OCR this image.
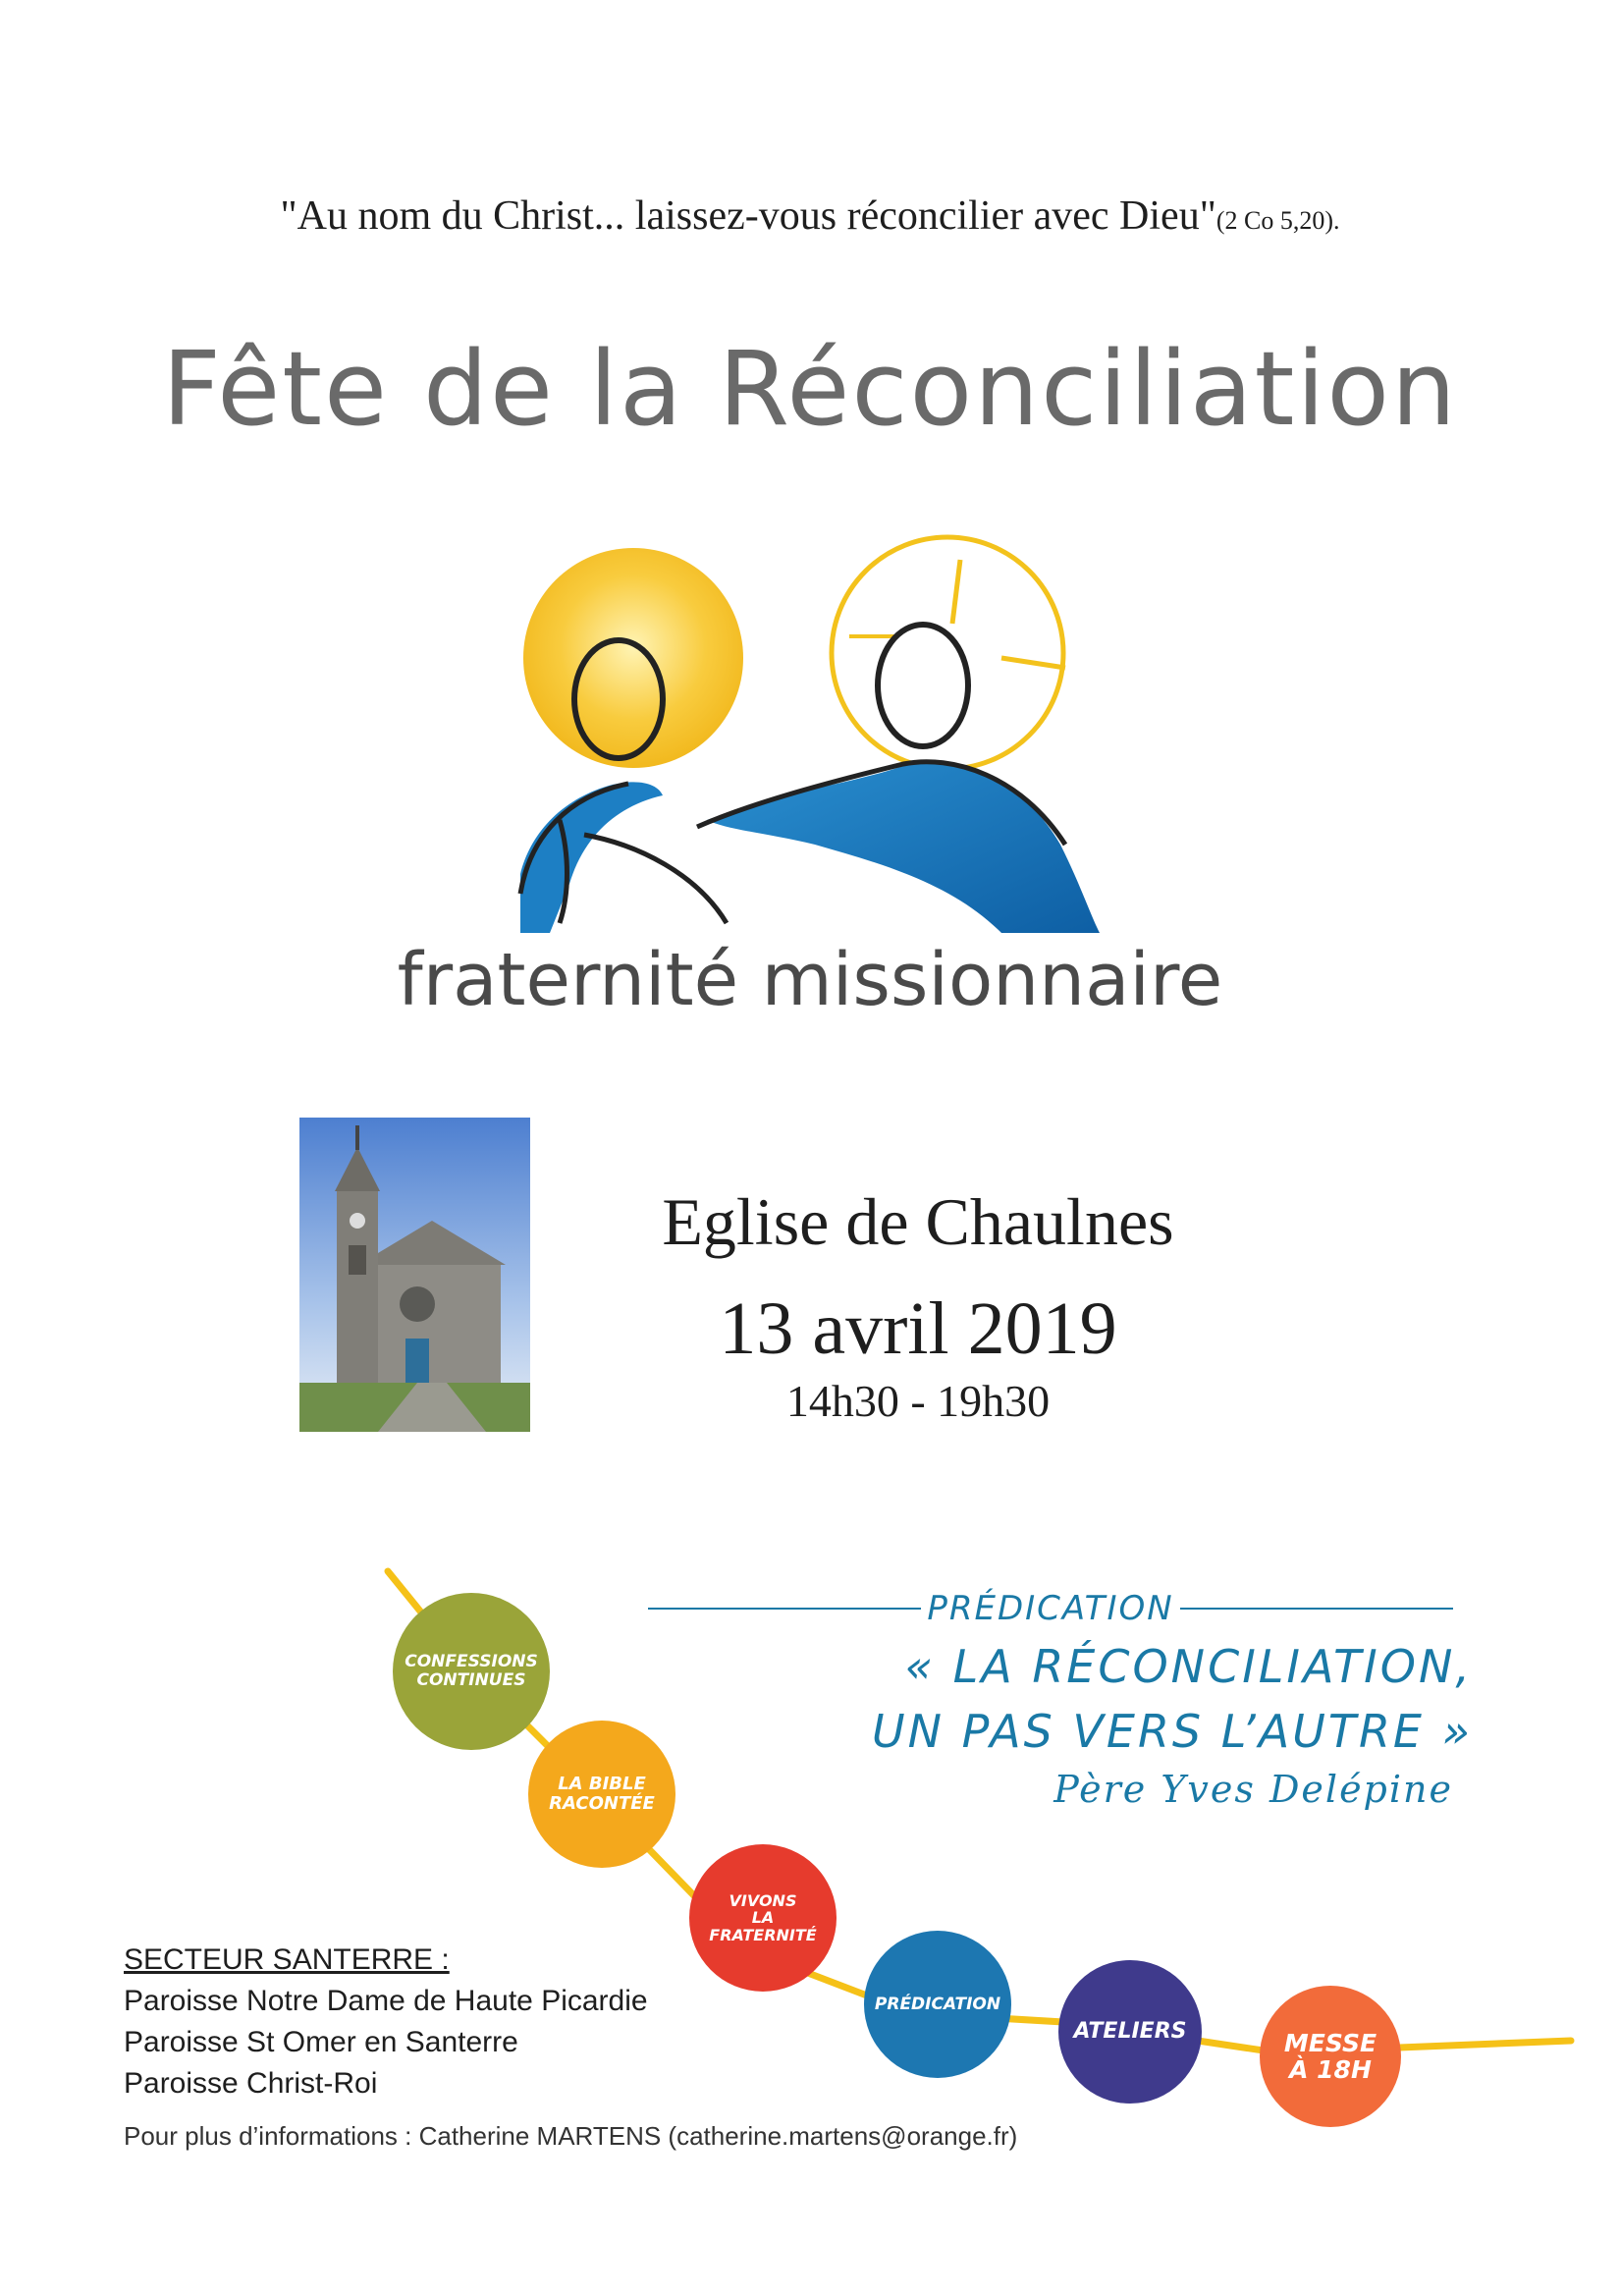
"Au nom du Christ... laissez-vous réconcilier avec Dieu"(2 Co 5,20).
Fête de la Réconciliation
fraternité missionnaire
Eglise de Chaulnes
13 avril 2019
14h30 - 19h30
CONFESSIONS
CONTINUES
LA BIBLE
RACONTÉE
VIVONS
LA
FRATERNITÉ
PRÉDICATION
ATELIERS	MESSE
À 18H
PRÉDICATION
« LA RÉCONCILIATION,
UN PAS VERS L’AUTRE »
Père Yves Delépine
SECTEUR SANTERRE :
Paroisse Notre Dame de Haute Picardie
Paroisse St Omer en Santerre
Paroisse Christ-Roi
Pour plus d’informations : Catherine MARTENS (catherine.martens@orange.fr)
